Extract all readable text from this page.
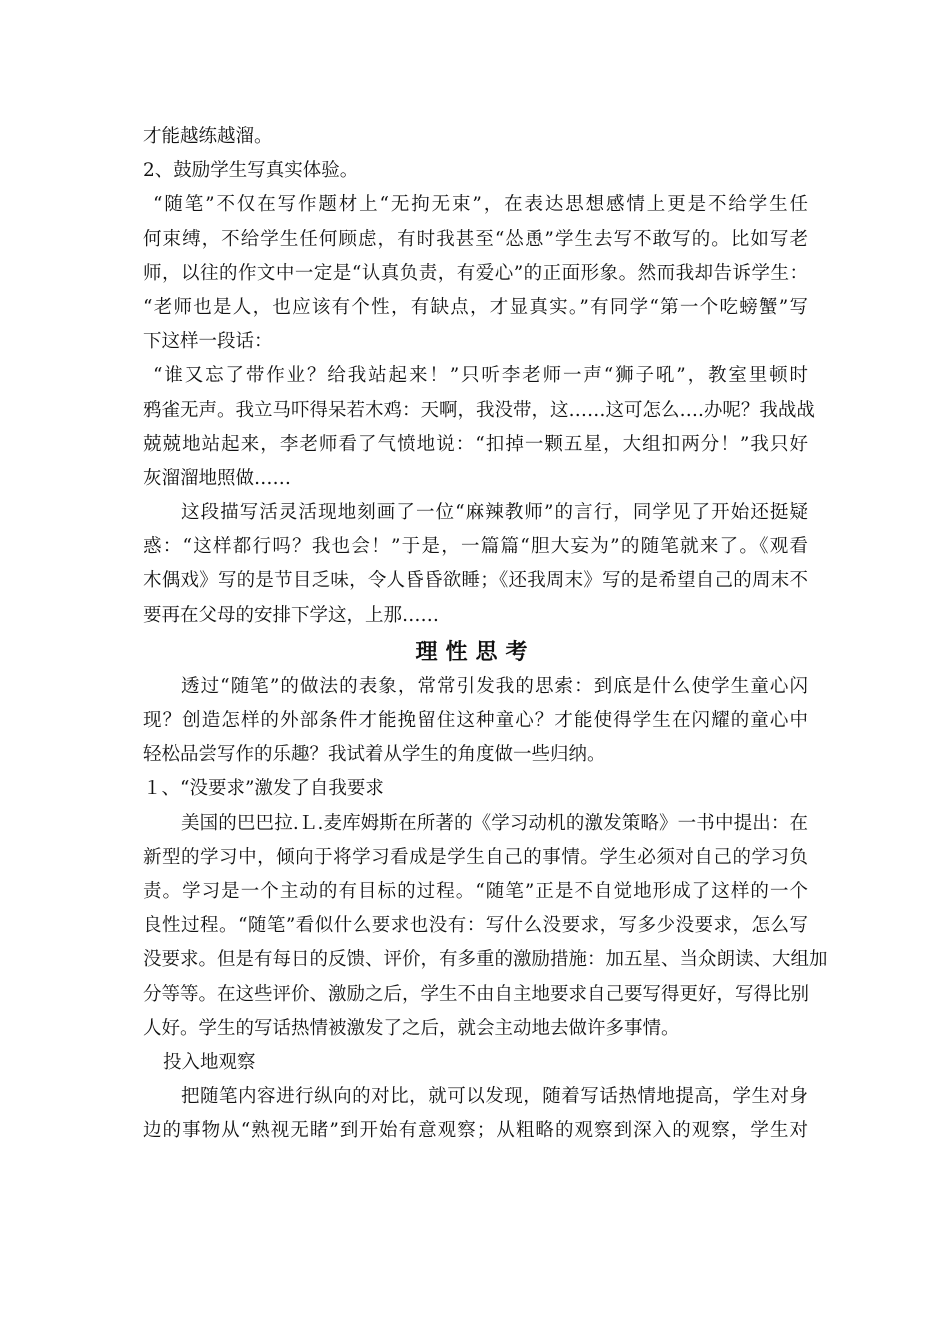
才能越练越溜。
2、鼓励学生写真实体验。
“随笔”不仅在写作题材上“无拘无束”，在表达思想感情上更是不给学生任
何束缚，不给学生任何顾虑，有时我甚至“怂恿”学生去写不敢写的。比如写老
师，以往的作文中一定是“认真负责，有爱心”的正面形象。然而我却告诉学生：
“老师也是人，也应该有个性，有缺点，才显真实。”有同学“第一个吃螃蟹”写
下这样一段话：
“谁又忘了带作业？给我站起来！”只听李老师一声“狮子吼”，教室里顿时
鸦雀无声。我立马吓得呆若木鸡：天啊，我没带，这……这可怎么….办呢？我战战
兢兢地站起来，李老师看了气愤地说：“扣掉一颗五星，大组扣两分！”我只好
灰溜溜地照做……
这段描写活灵活现地刻画了一位“麻辣教师”的言行，同学见了开始还挺疑
惑：“这样都行吗？我也会！”于是，一篇篇“胆大妄为”的随笔就来了。《观看
木偶戏》写的是节目乏味，令人昏昏欲睡；《还我周末》写的是希望自己的周末不
要再在父母的安排下学这，上那……
理性思考
透过“随笔”的做法的表象，常常引发我的思索：到底是什么使学生童心闪
现？创造怎样的外部条件才能挽留住这种童心？才能使得学生在闪耀的童心中
轻松品尝写作的乐趣？我试着从学生的角度做一些归纳。
１、“没要求”激发了自我要求
美国的巴巴拉.Ｌ.麦库姆斯在所著的《学习动机的激发策略》一书中提出：在
新型的学习中，倾向于将学习看成是学生自己的事情。学生必须对自己的学习负
责。学习是一个主动的有目标的过程。“随笔”正是不自觉地形成了这样的一个
良性过程。“随笔”看似什么要求也没有：写什么没要求，写多少没要求，怎么写
没要求。但是有每日的反馈、评价，有多重的激励措施：加五星、当众朗读、大组加
分等等。在这些评价、激励之后，学生不由自主地要求自己要写得更好，写得比别
人好。学生的写话热情被激发了之后，就会主动地去做许多事情。
投入地观察
把随笔内容进行纵向的对比，就可以发现，随着写话热情地提高，学生对身
边的事物从“熟视无睹”到开始有意观察；从粗略的观察到深入的观察，学生对
